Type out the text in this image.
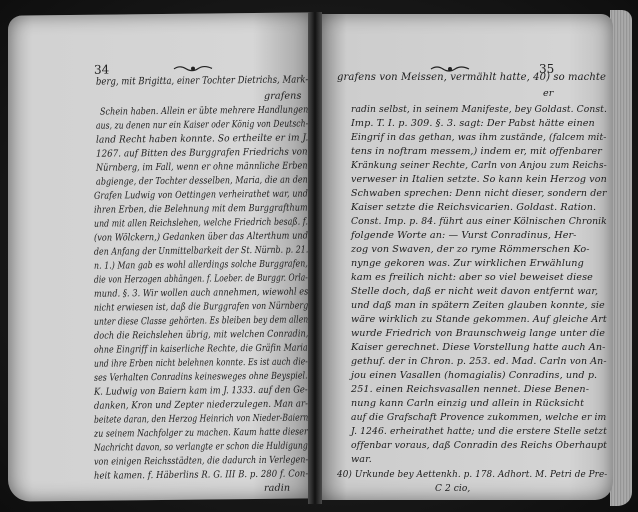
34
berg, mit Brigitta, einer Tochter Dietrichs, Mark-
grafens
Schein haben. Allein er übte mehrere Handlungen
aus, zu denen nur ein Kaiser oder König von Deutsch-
land Recht haben konnte. So ertheilte er im J.
1267. auf Bitten des Burggrafen Friedrichs von
Nürnberg, im Fall, wenn er ohne männliche Erben
abgienge, der Tochter desselben, Maria, die an den
Grafen Ludwig von Oettingen verheirathet war, und
ihren Erben, die Belehnung mit dem Burggrafthum
und mit allen Reichslehen, welche Friedrich besaß. f.
(von Wölckern,) Gedanken über das Alterthum und
den Anfang der Unmittelbarkeit der St. Nürnb. p. 21.
n. 1.) Man gab es wohl allerdings solche Burggrafen,
die von Herzogen abhängen. f. Loeber. de Burggr. Orla-
mund. §. 3. Wir wollen auch annehmen, wiewohl es
nicht erwiesen ist, daß die Burggrafen von Nürnberg
unter diese Classe gehörten. Es bleiben bey dem allen
doch die Reichslehen übrig, mit welchen Conradin,
ohne Eingriff in kaiserliche Rechte, die Gräfin Maria
und ihre Erben nicht belehnen konnte. Es ist auch die-
ses Verhalten Conradins keinesweges ohne Beyspiel.
K. Ludwig von Baiern kam im J. 1333. auf den Ge-
danken, Kron und Zepter niederzulegen. Man ar-
beitete daran, den Herzog Heinrich von Nieder-Baiern
zu seinem Nachfolger zu machen. Kaum hatte dieser
Nachricht davon, so verlangte er schon die Huldigung
von einigen Reichsstädten, die dadurch in Verlegen-
heit kamen. f. Häberlins R. G. III B. p. 280 f. Con-
radin
35
grafens von Meissen, vermählt hatte, 40) so machte
er
radin selbst, in seinem Manifeste, bey Goldast. Const.
Imp. T. I. p. 309. §. 3. sagt: Der Pabst hätte einen
Eingrif in das gethan, was ihm zustände, (falcem mit-
tens in noftram messem,) indem er, mit offenbarer
Kränkung seiner Rechte, Carln von Anjou zum Reichs-
verweser in Italien setzte. So kann kein Herzog von
Schwaben sprechen: Denn nicht dieser, sondern der
Kaiser setzte die Reichsvicarien. Goldast. Ration.
Const. Imp. p. 84. führt aus einer Kölnischen Chronik
folgende Worte an: — Vurst Conradinus, Her-
zog von Swaven, der zo ryme Römmerschen Ko-
nynge gekoren was. Zur wirklichen Erwählung
kam es freilich nicht: aber so viel beweiset diese
Stelle doch, daß er nicht weit davon entfernt war,
und daß man in spätern Zeiten glauben konnte, sie
wäre wirklich zu Stande gekommen. Auf gleiche Art
wurde Friedrich von Braunschweig lange unter die
Kaiser gerechnet. Diese Vorstellung hatte auch An-
gethuf. der in Chron. p. 253. ed. Mad. Carln von An-
jou einen Vasallen (homagialis) Conradins, und p.
251. einen Reichsvasallen nennet. Diese Benen-
nung kann Carln einzig und allein in Rücksicht
auf die Grafschaft Provence zukommen, welche er im
J. 1246. erheirathet hatte; und die erstere Stelle setzt
offenbar voraus, daß Conradin des Reichs Oberhaupt
war.
40) Urkunde bey Aettenkh. p. 178. Adhort. M. Petri de Pre-
C 2 cio,
